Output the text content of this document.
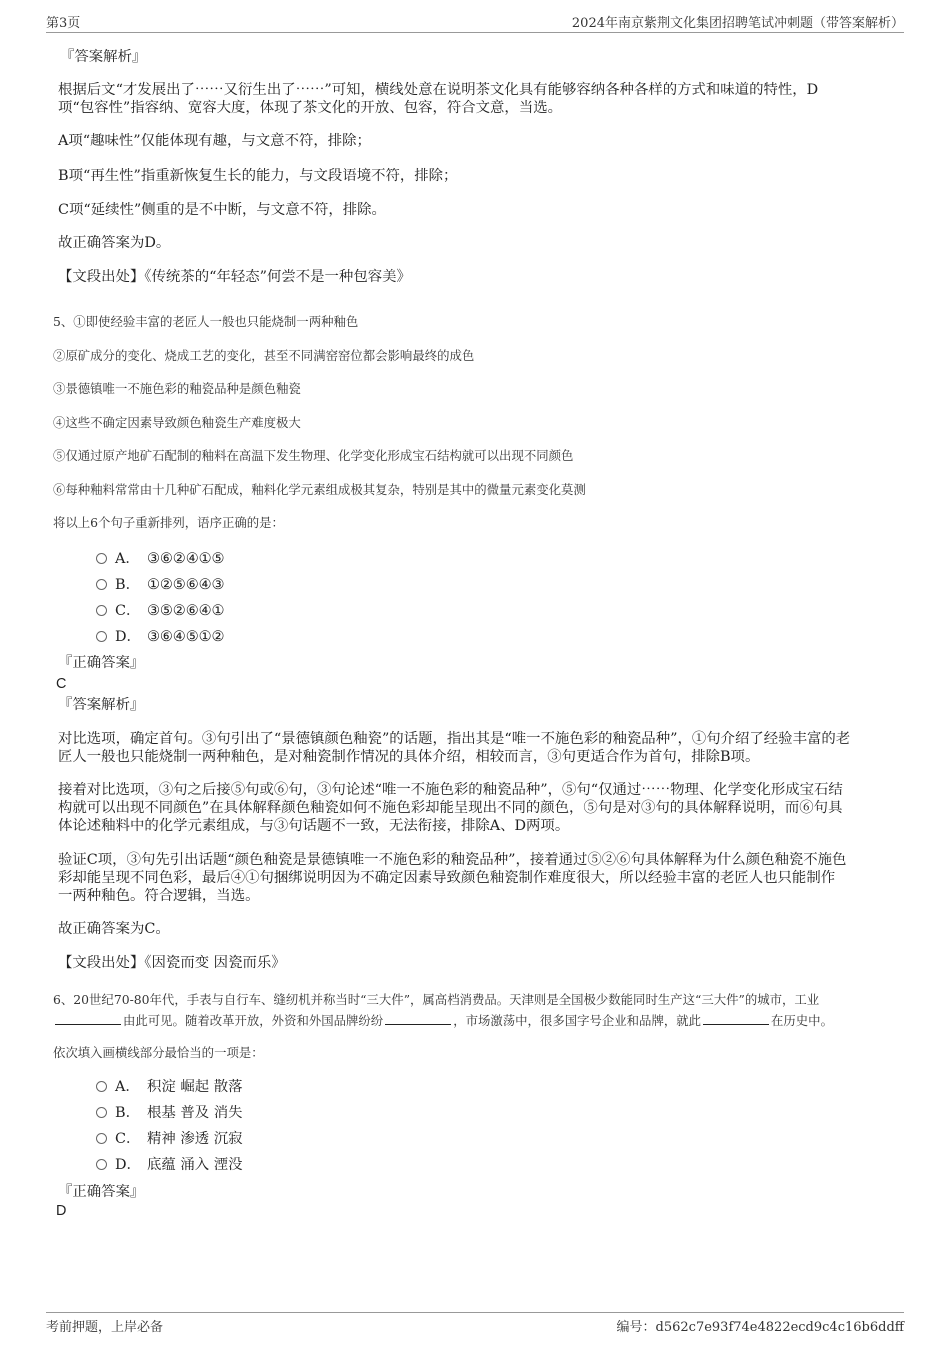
第3页	2024年南京紫荆文化集团招聘笔试冲刺题（带答案解析）
『答案解析』
根据后文“才发展出了⋯⋯又衍生出了⋯⋯”可知，横线处意在说明茶文化具有能够容纳各种各样的方式和味道的特性，D
项“包容性”指容纳、宽容大度，体现了茶文化的开放、包容，符合文意，当选。
A项“趣味性”仅能体现有趣，与文意不符，排除；
B项“再生性”指重新恢复生长的能力，与文段语境不符，排除；
C项“延续性”侧重的是不中断，与文意不符，排除。
故正确答案为D。
【文段出处】《传统茶的“年轻态”何尝不是一种包容美》
5、①即使经验丰富的老匠人一般也只能烧制一两种釉色
②原矿成分的变化、烧成工艺的变化，甚至不同满窑窑位都会影响最终的成色
③景德镇唯一不施色彩的釉瓷品种是颜色釉瓷
④这些不确定因素导致颜色釉瓷生产难度极大
⑤仅通过原产地矿石配制的釉料在高温下发生物理、化学变化形成宝石结构就可以出现不同颜色
⑥每种釉料常常由十几种矿石配成，釉料化学元素组成极其复杂，特别是其中的微量元素变化莫测
将以上6个句子重新排列，语序正确的是：
A． ③⑥②④①⑤
B． ①②⑤⑥④③
C． ③⑤②⑥④①
D． ③⑥④⑤①②
『正确答案』
C
『答案解析』
对比选项，确定首句。③句引出了“景德镇颜色釉瓷”的话题，指出其是“唯一不施色彩的釉瓷品种”，①句介绍了经验丰富的老
匠人一般也只能烧制一两种釉色，是对釉瓷制作情况的具体介绍，相较而言，③句更适合作为首句，排除B项。
接着对比选项，③句之后接⑤句或⑥句，③句论述“唯一不施色彩的釉瓷品种”，⑤句“仅通过⋯⋯物理、化学变化形成宝石结
构就可以出现不同颜色”在具体解释颜色釉瓷如何不施色彩却能呈现出不同的颜色，⑤句是对③句的具体解释说明，而⑥句具
体论述釉料中的化学元素组成，与③句话题不一致，无法衔接，排除A、D两项。
验证C项，③句先引出话题“颜色釉瓷是景德镇唯一不施色彩的釉瓷品种”，接着通过⑤②⑥句具体解释为什么颜色釉瓷不施色
彩却能呈现不同色彩，最后④①句捆绑说明因为不确定因素导致颜色釉瓷制作难度很大，所以经验丰富的老匠人也只能制作
一两种釉色。符合逻辑，当选。
故正确答案为C。
【文段出处】《因瓷而变 因瓷而乐》
6、20世纪70-80年代，手表与自行车、缝纫机并称当时“三大件”，属高档消费品。天津则是全国极少数能同时生产这“三大件”的城市，工业
由此可见。随着改革开放，外资和外国品牌纷纷	，市场激荡中，很多国字号企业和品牌，就此	在历史中。
依次填入画横线部分最恰当的一项是：
A． 积淀 崛起 散落
B． 根基 普及 消失
C． 精神 渗透 沉寂
D． 底蕴 涌入 湮没
『正确答案』
D
考前押题，上岸必备	编号：d562c7e93f74e4822ecd9c4c16b6ddff
